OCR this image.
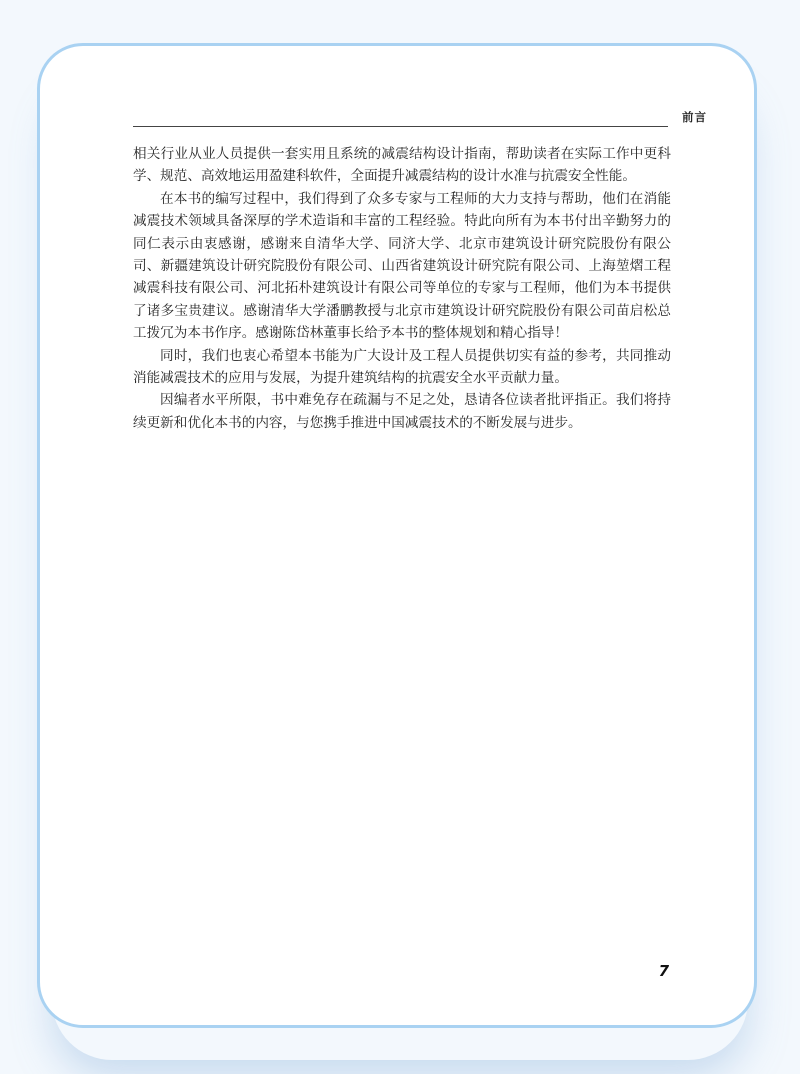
前言

相关行业从业人员提供一套实用且系统的减震结构设计指南，帮助读者在实际工作中更科学、规范、高效地运用盈建科软件，全面提升减震结构的设计水准与抗震安全性能。

在本书的编写过程中，我们得到了众多专家与工程师的大力支持与帮助，他们在消能减震技术领域具备深厚的学术造诣和丰富的工程经验。特此向所有为本书付出辛勤努力的同仁表示由衷感谢，感谢来自清华大学、同济大学、北京市建筑设计研究院股份有限公司、新疆建筑设计研究院股份有限公司、山西省建筑设计研究院有限公司、上海堃熠工程减震科技有限公司、河北拓朴建筑设计有限公司等单位的专家与工程师，他们为本书提供了诸多宝贵建议。感谢清华大学潘鹏教授与北京市建筑设计研究院股份有限公司苗启松总工拨冗为本书作序。感谢陈岱林董事长给予本书的整体规划和精心指导！

同时，我们也衷心希望本书能为广大设计及工程人员提供切实有益的参考，共同推动消能减震技术的应用与发展，为提升建筑结构的抗震安全水平贡献力量。

因编者水平所限，书中难免存在疏漏与不足之处，恳请各位读者批评指正。我们将持续更新和优化本书的内容，与您携手推进中国减震技术的不断发展与进步。

7
